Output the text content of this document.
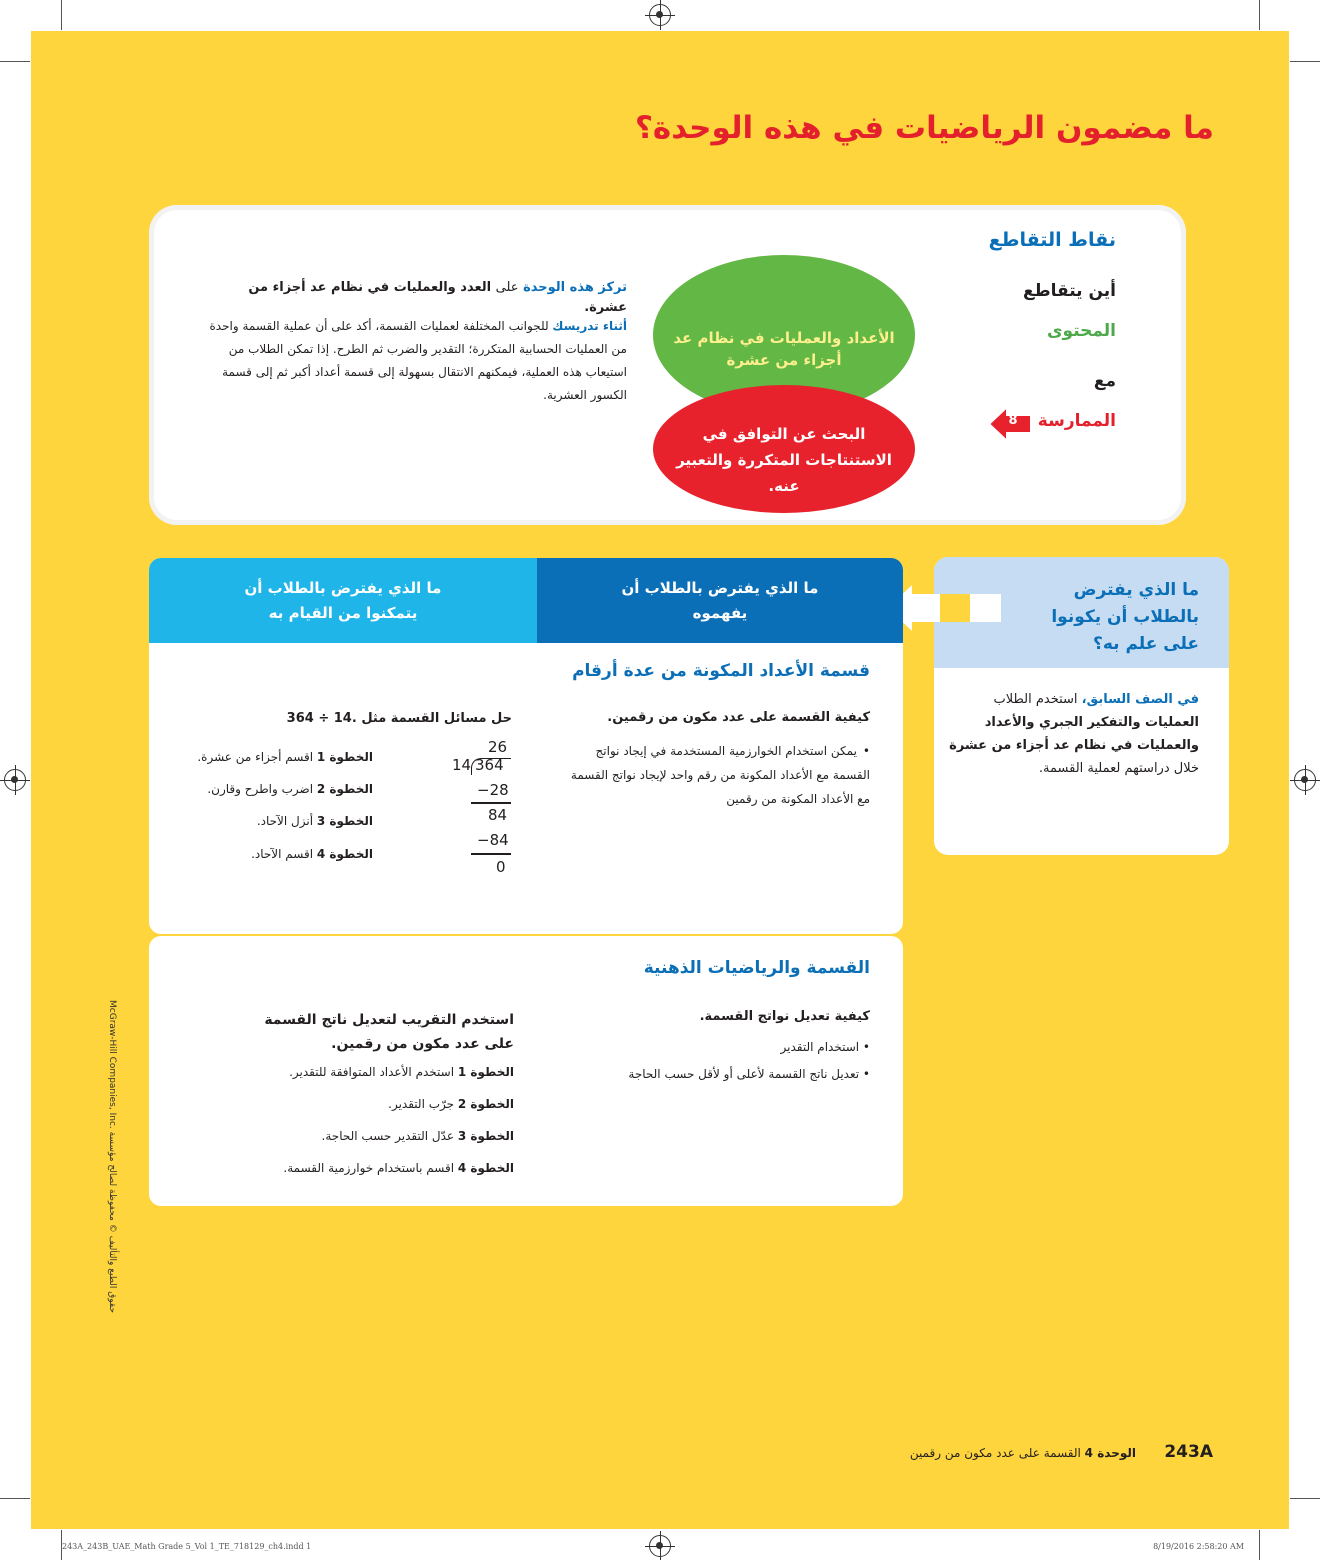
ما مضمون الرياضيات في هذه الوحدة؟
نقاط التقاطع
أين يتقاطع
المحتوى
مع
الممارسة
8
الأعداد والعمليات في نظام عد أجزاء من عشرة
البحث عن التوافق في الاستنتاجات المتكررة والتعبير عنه.

تركز هذه الوحدة على العدد والعمليات في نظام عد أجزاء من عشرة.

أثناء تدريسك للجوانب المختلفة لعمليات القسمة، أكد على أن عملية القسمة واحدة من العمليات الحسابية المتكررة؛ التقدير والضرب ثم الطرح. إذا تمكن الطلاب من استيعاب هذه العملية، فيمكنهم الانتقال بسهولة إلى قسمة أعداد أكبر ثم إلى قسمة الكسور العشرية.

ما الذي يفترض بالطلاب أن يكونوا على علم به؟

في الصف السابق، استخدم الطلاب العمليات والتفكير الجبري والأعداد والعمليات في نظام عد أجزاء من عشرة خلال دراستهم لعملية القسمة.

ما الذي يفترض بالطلاب أن يتمكنوا من القيام به
ما الذي يفترض بالطلاب أن يفهموه
قسمة الأعداد المكونة من عدة أرقام
كيفية القسمة على عدد مكون من رقمين.

•يمكن استخدام الخوارزمية المستخدمة في إيجاد نواتج القسمة مع الأعداد المكونة من رقم واحد لإيجاد نواتج القسمة مع الأعداد المكونة من رقمين

حل مسائل القسمة مثل 364 ÷ 14.
الخطوة 1 اقسم أجزاء من عشرة.
الخطوة 2 اضرب واطرح وقارن.
الخطوة 3 أنزل الآحاد.
الخطوة 4 اقسم الآحاد.
26
14 364
−28
84
−84
0
القسمة والرياضيات الذهنية
كيفية تعديل نواتج القسمة.
• استخدام التقدير
• تعديل ناتج القسمة لأعلى أو لأقل حسب الحاجة
استخدم التقريب لتعديل ناتج القسمة على عدد مكون من رقمين.
الخطوة 1 استخدم الأعداد المتوافقة للتقدير.
الخطوة 2 جرّب التقدير.
الخطوة 3 عدّل التقدير حسب الحاجة.
الخطوة 4 اقسم باستخدام خوارزمية القسمة.
McGraw-Hill Companies, Inc. حقوق الطبع والتأليف © محفوظة لصالح مؤسسة
243A
الوحدة 4 القسمة على عدد مكون من رقمين
243A_243B_UAE_Math Grade 5_Vol 1_TE_718129_ch4.indd 1	8/19/2016 2:58:20 AM
